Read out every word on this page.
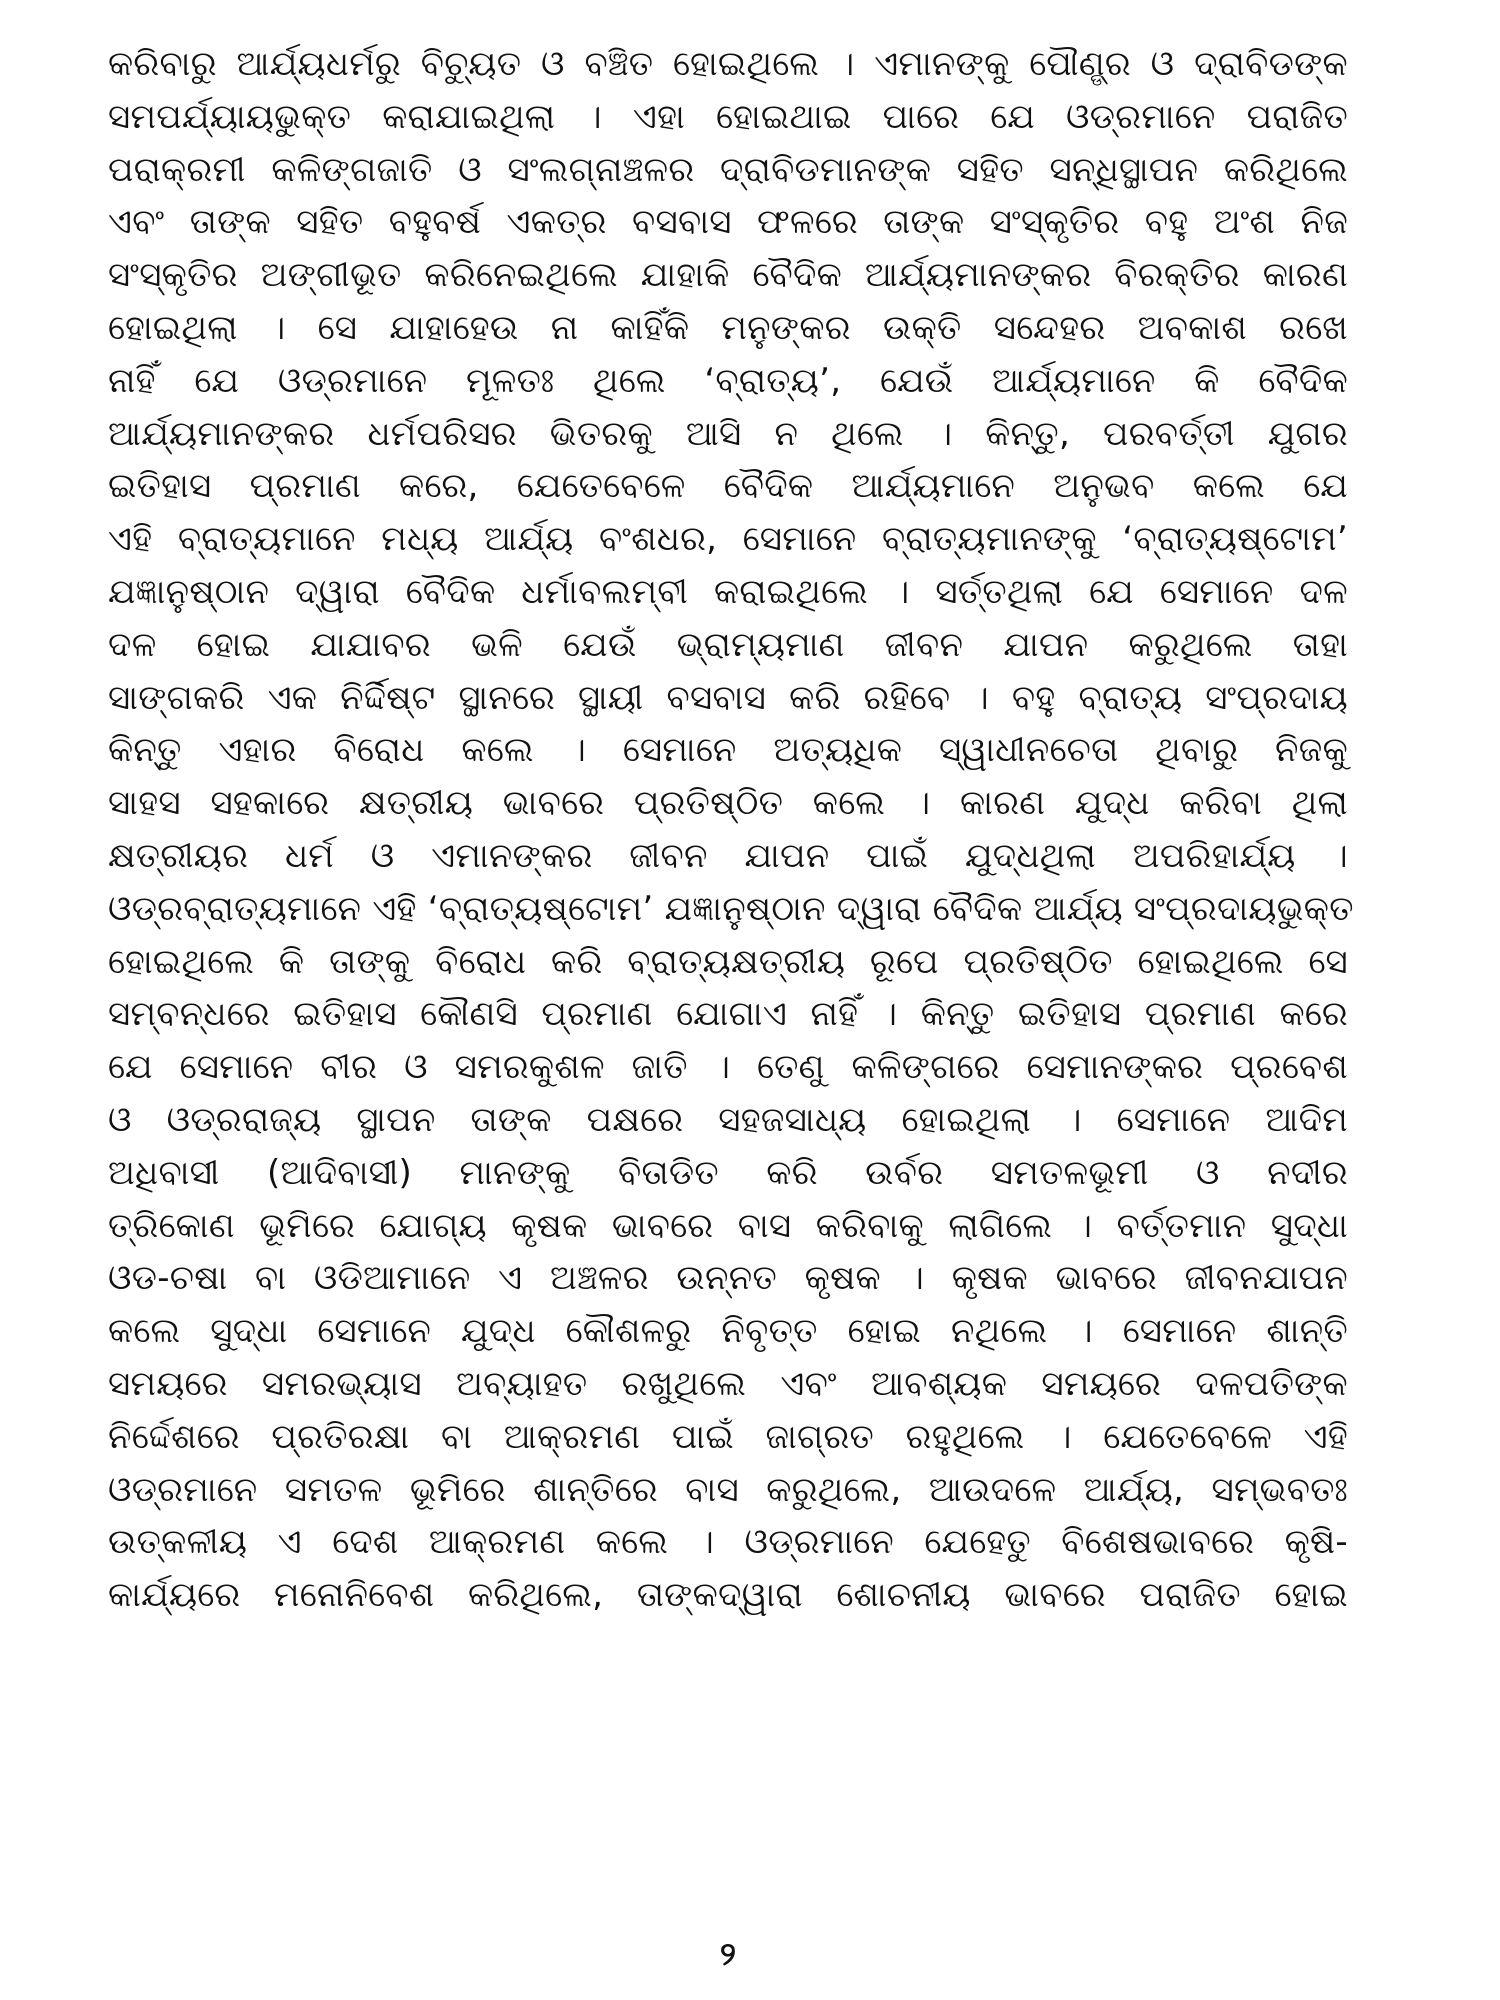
କରିବାରୁ ଆର୍ଯ୍ୟଧର୍ମରୁ ବିଚ୍ୟୁତ ଓ ବଞ୍ଚିତ ହୋଇଥିଲେ । ଏମାନଙ୍କୁ ପୌଣ୍ଡ୍ର ଓ ଦ୍ରାବିଡଙ୍କ
ସମପର୍ଯ୍ୟାୟଭୁକ୍ତ କରାଯାଇଥିଲା । ଏହା ହୋଇଥାଇ ପାରେ ଯେ ଓଡ୍ରମାନେ ପରାଜିତ
ପରାକ୍ରମୀ କଳିଙ୍ଗଜାତି ଓ ସଂଲଗ୍ନାଞ୍ଚଳର ଦ୍ରାବିଡମାନଙ୍କ ସହିତ ସନ୍ଧିସ୍ଥାପନ କରିଥିଲେ
ଏବଂ ତାଙ୍କ ସହିତ ବହୁବର୍ଷ ଏକତ୍ର ବସବାସ ଫଳରେ ତାଙ୍କ ସଂସ୍କୃତିର ବହୁ ଅଂଶ ନିଜ
ସଂସ୍କୃତିର ଅଙ୍ଗୀଭୂତ କରିନେଇଥିଲେ ଯାହାକି ବୈଦିକ ଆର୍ଯ୍ୟମାନଙ୍କର ବିରକ୍ତିର କାରଣ
ହୋଇଥିଲା । ସେ ଯାହାହେଉ ନା କାହିଁକି ମନୁଙ୍କର ଉକ୍ତି ସନ୍ଦେହର ଅବକାଶ ରଖେ
ନାହିଁ ଯେ ଓଡ୍ରମାନେ ମୂଳତଃ ଥିଲେ ‘ବ୍ରାତ୍ୟ’, ଯେଉଁ ଆର୍ଯ୍ୟମାନେ କି ବୈଦିକ
ଆର୍ଯ୍ୟମାନଙ୍କର ଧର୍ମପରିସର ଭିତରକୁ ଆସି ନ ଥିଲେ । କିନ୍ତୁ, ପରବର୍ତ୍ତୀ ଯୁଗର
ଇତିହାସ ପ୍ରମାଣ କରେ, ଯେତେବେଳେ ବୈଦିକ ଆର୍ଯ୍ୟମାନେ ଅନୁଭବ କଲେ ଯେ
ଏହି ବ୍ରାତ୍ୟମାନେ ମଧ୍ୟ ଆର୍ଯ୍ୟ ବଂଶଧର, ସେମାନେ ବ୍ରାତ୍ୟମାନଙ୍କୁ ‘ବ୍ରାତ୍ୟଷ୍ଟୋମ’
ଯଜ୍ଞାନୁଷ୍ଠାନ ଦ୍ୱାରା ବୈଦିକ ଧର୍ମାବଲମ୍ବୀ କରାଇଥିଲେ । ସର୍ତ୍ତଥିଲା ଯେ ସେମାନେ ଦଳ
ଦଳ ହୋଇ ଯାଯାବର ଭଳି ଯେଉଁ ଭ୍ରାମ୍ୟମାଣ ଜୀବନ ଯାପନ କରୁଥିଲେ ତାହା
ସାଙ୍ଗକରି ଏକ ନିର୍ଦ୍ଦିଷ୍ଟ ସ୍ଥାନରେ ସ୍ଥାୟୀ ବସବାସ କରି ରହିବେ । ବହୁ ବ୍ରାତ୍ୟ ସଂପ୍ରଦାୟ
କିନ୍ତୁ ଏହାର ବିରୋଧ କଲେ । ସେମାନେ ଅତ୍ୟଧିକ ସ୍ୱାଧୀନଚେତା ଥିବାରୁ ନିଜକୁ
ସାହସ ସହକାରେ କ୍ଷତ୍ରୀୟ ଭାବରେ ପ୍ରତିଷ୍ଠିତ କଲେ । କାରଣ ଯୁଦ୍ଧ କରିବା ଥିଲା
କ୍ଷତ୍ରୀୟର ଧର୍ମ ଓ ଏମାନଙ୍କର ଜୀବନ ଯାପନ ପାଇଁ ଯୁଦ୍ଧଥିଲା ଅପରିହାର୍ଯ୍ୟ ।
ଓଡ୍ରବ୍ରାତ୍ୟମାନେ ଏହି ‘ବ୍ରାତ୍ୟଷ୍ଟୋମ’ ଯଜ୍ଞାନୁଷ୍ଠାନ ଦ୍ୱାରା ବୈଦିକ ଆର୍ଯ୍ୟ ସଂପ୍ରଦାୟଭୁକ୍ତ
ହୋଇଥିଲେ କି ତାଙ୍କୁ ବିରୋଧ କରି ବ୍ରାତ୍ୟକ୍ଷତ୍ରୀୟ ରୂପେ ପ୍ରତିଷ୍ଠିତ ହୋଇଥିଲେ ସେ
ସମ୍ବନ୍ଧରେ ଇତିହାସ କୌଣସି ପ୍ରମାଣ ଯୋଗାଏ ନାହିଁ । କିନ୍ତୁ ଇତିହାସ ପ୍ରମାଣ କରେ
ଯେ ସେମାନେ ବୀର ଓ ସମରକୁଶଳ ଜାତି । ତେଣୁ କଳିଙ୍ଗରେ ସେମାନଙ୍କର ପ୍ରବେଶ
ଓ ଓଡ୍ରରାଜ୍ୟ ସ୍ଥାପନ ତାଙ୍କ ପକ୍ଷରେ ସହଜସାଧ୍ୟ ହୋଇଥିଲା । ସେମାନେ ଆଦିମ
ଅଧିବାସୀ (ଆଦିବାସୀ) ମାନଙ୍କୁ ବିତାଡିତ କରି ଉର୍ବର ସମତଳଭୂମୀ ଓ ନଦୀର
ତ୍ରିକୋଣ ଭୂମିରେ ଯୋଗ୍ୟ କୃଷକ ଭାବରେ ବାସ କରିବାକୁ ଲାଗିଲେ । ବର୍ତ୍ତମାନ ସୁଦ୍ଧା
ଓଡ-ଚଷା ବା ଓଡିଆମାନେ ଏ ଅଞ୍ଚଳର ଉନ୍ନତ କୃଷକ । କୃଷକ ଭାବରେ ଜୀବନଯାପନ
କଲେ ସୁଦ୍ଧା ସେମାନେ ଯୁଦ୍ଧ କୌଶଳରୁ ନିବୃତ୍ତ ହୋଇ ନଥିଲେ । ସେମାନେ ଶାନ୍ତି
ସମୟରେ ସମରଭ୍ୟାସ ଅବ୍ୟାହତ ରଖୁଥିଲେ ଏବଂ ଆବଶ୍ୟକ ସମୟରେ ଦଳପତିଙ୍କ
ନିର୍ଦ୍ଦେଶରେ ପ୍ରତିରକ୍ଷା ବା ଆକ୍ରମଣ ପାଇଁ ଜାଗ୍ରତ ରହୁଥିଲେ । ଯେତେବେଳେ ଏହି
ଓଡ୍ରମାନେ ସମତଳ ଭୂମିରେ ଶାନ୍ତିରେ ବାସ କରୁଥିଲେ, ଆଉଦଳେ ଆର୍ଯ୍ୟ, ସମ୍ଭବତଃ
ଉତ୍କଳୀୟ ଏ ଦେଶ ଆକ୍ରମଣ କଲେ । ଓଡ୍ରମାନେ ଯେହେତୁ ବିଶେଷଭାବରେ କୃଷି-
କାର୍ଯ୍ୟରେ ମନୋନିବେଶ କରିଥିଲେ, ତାଙ୍କଦ୍ୱାରା ଶୋଚନୀୟ ଭାବରେ ପରାଜିତ ହୋଇ
୨
